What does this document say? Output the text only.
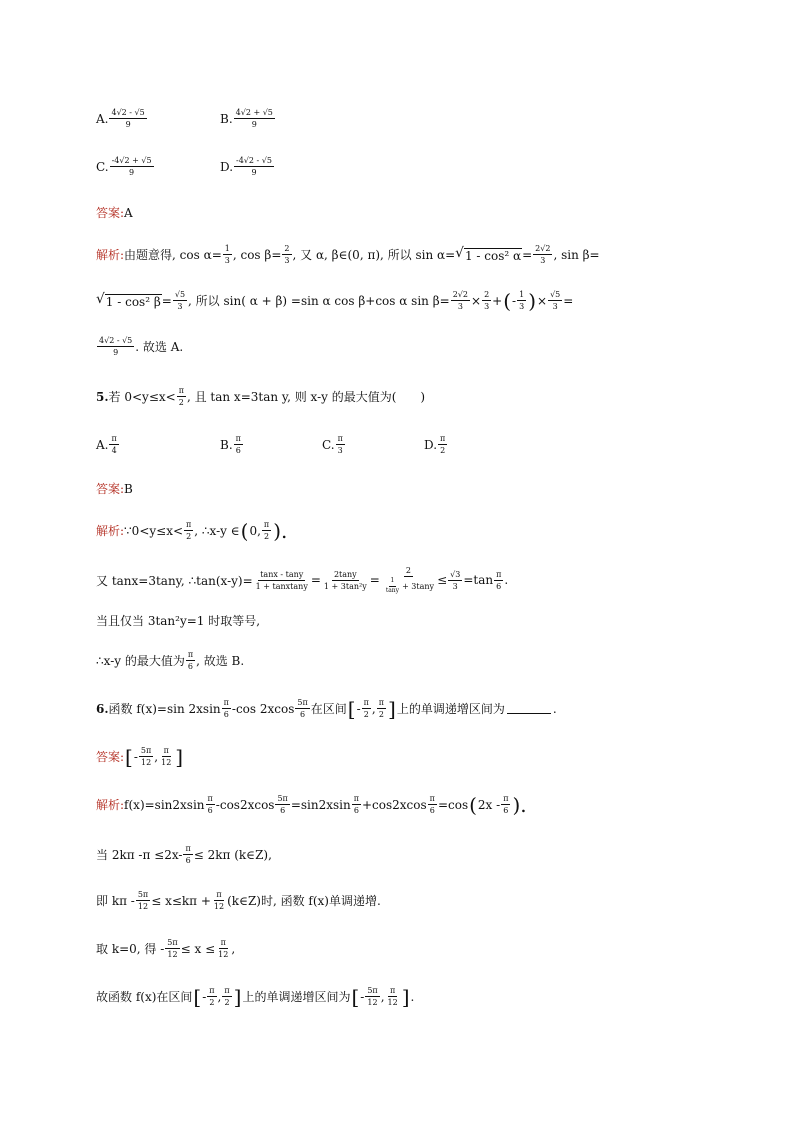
A. $\frac{4√2 - √5}{9}$	B. $\frac{4√2 + √5}{9}$
C. $\frac{-4√2 + √5}{9}$	D. $\frac{-4√2 - √5}{9}$
答案: A
解析: 由题意得, $\cos \alpha= \frac{1}{3}$ , $\cos \beta= \frac{2}{3}$ , 又 α, β∈(0, π), 所以 sin α= √ 1 - cos² $\alpha = \frac{2√2}{3}$ , sin β=
√ 1 - cos² $\beta = \frac{√5}{3}$ , 所以 sin( α + β) =sin α cos β+cos α $\sin \beta= \frac{2√2}{3} \times \frac{2}{3}$ + ( - $\frac{1}{3}$ ) × $\frac{√5}{3}$ =
$\frac{4√2 - √5}{9}$ . 故选 A.
5. 若 $0<y\le x< \frac{\pi}{2}$ , 且 tan x=3tan y, 则 x-y 的最大值为(　　)
A. $\frac{\pi}{4}$	B. $\frac{\pi}{6}$	C. $\frac{\pi}{3}$	D. $\frac{\pi}{2}$
答案: B
解析: ∵0<y≤x< $\frac{\pi}{2}$ , ∴x-y ∈ ( 0, $\frac{\pi}{2}$ ).
又 tanx=3tany, ∴tan(x-y)= $\frac{\tan x - \tan y}{\text{1 + tanxtany}} = \frac{2\tan y}{\text{1 + 3tan²y}} = \frac{2}{\frac{1}{\tan y} + 3\tan y} \le \frac{√3}{3} =\tan \frac{\pi}{6}$ .
当且仅当 3tan²y=1 时取等号,
∴x-y 的最大值为 $\frac{\pi}{6}$ , 故选 B.
6. 函数 f(x)=sin $2xsin \frac{\pi}{6} -\cos$ $2xcos \frac{5\pi}{6}$ 在区间 [ - $\frac{\pi}{2}$ , $\frac{\pi}{2}$ ] 上的单调递增区间为	.
答案: [ - $\frac{5\pi}{12}$ , $\frac{\pi}{12}$ ]
解析: $f(x)=\sin 2xsin \frac{\pi}{6} -\cos 2xcos \frac{5\pi}{6} =\sin 2xsin \frac{\pi}{6} +\cos 2xcos \frac{\pi}{6} =\cos$ ( $2x - \frac{\pi}{6}$ ).
当 2kπ $-\pi \le 2x- \frac{\pi}{6} \le 2k\pi$ (k∈Z),
即 $k\pi - \frac{5\pi}{12} \le x\le k\pi + \frac{\pi}{12}$ (k∈Z)时, 函数 f(x)单调递增.
取 k=0, 得 - $\frac{5\pi}{12} \le x \le \frac{\pi}{12}$ ,
故函数 f(x)在区间 [ - $\frac{\pi}{2}$ , $\frac{\pi}{2}$ ] 上的单调递增区间为 [ - $\frac{5\pi}{12}$ , $\frac{\pi}{12}$ ] .
